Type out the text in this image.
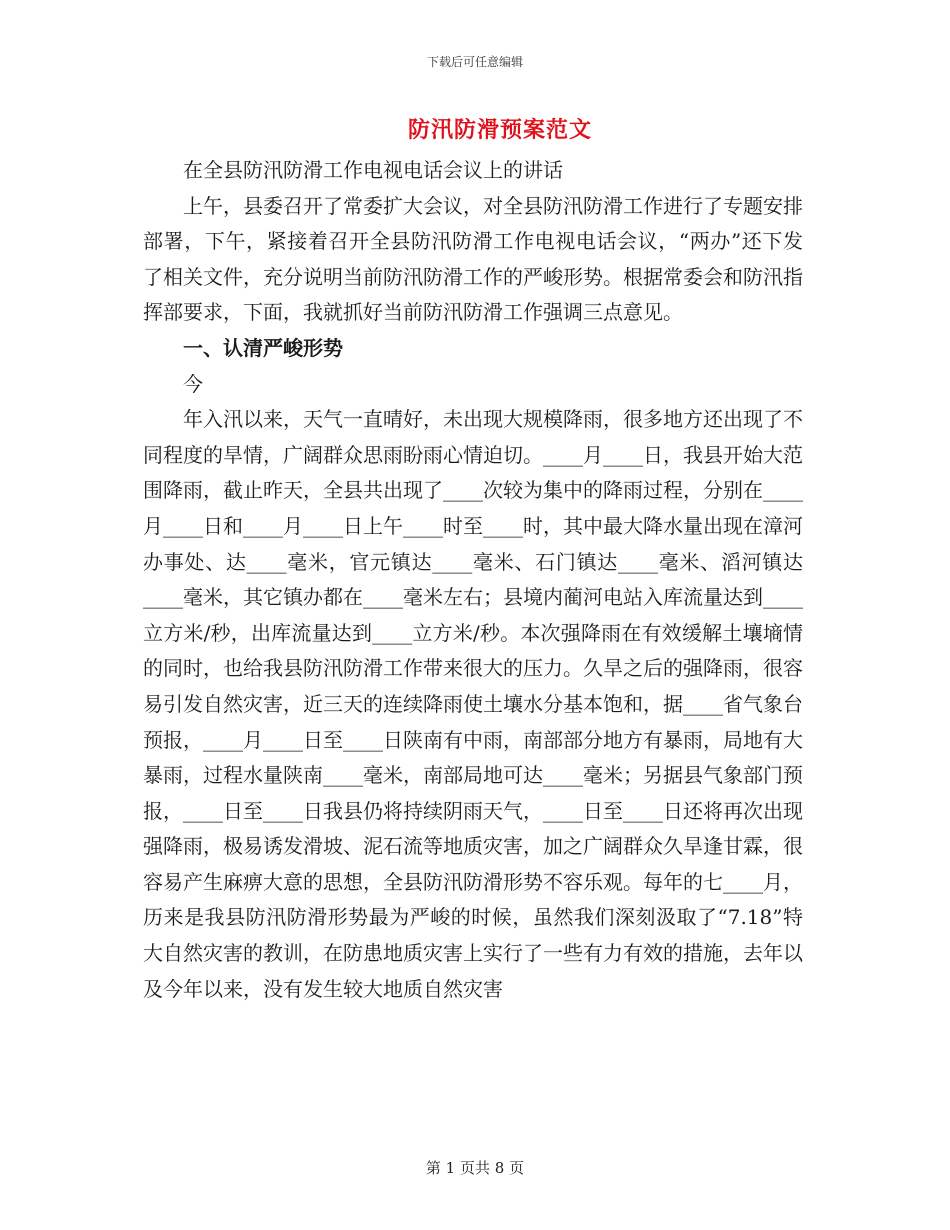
下载后可任意编辑
防汛防滑预案范文

在全县防汛防滑工作电视电话会议上的讲话

上午，县委召开了常委扩大会议，对全县防汛防滑工作进行了专题安排部署，下午，紧接着召开全县防汛防滑工作电视电话会议，“两办”还下发了相关文件，充分说明当前防汛防滑工作的严峻形势。根据常委会和防汛指挥部要求，下面，我就抓好当前防汛防滑工作强调三点意见。

一、认清严峻形势

今

年入汛以来，天气一直晴好，未出现大规模降雨，很多地方还出现了不同程度的旱情，广阔群众思雨盼雨心情迫切。____月____日，我县开始大范围降雨，截止昨天，全县共出现了____次较为集中的降雨过程，分别在____月____日和____月____日上午____时至____时，其中最大降水量出现在漳河办事处、达____毫米，官元镇达____毫米、石门镇达____毫米、滔河镇达____毫米，其它镇办都在____毫米左右；县境内蔺河电站入库流量达到____立方米/秒，出库流量达到____立方米/秒。本次强降雨在有效缓解土壤墒情的同时，也给我县防汛防滑工作带来很大的压力。久旱之后的强降雨，很容易引发自然灾害，近三天的连续降雨使土壤水分基本饱和，据____省气象台预报，____月____日至____日陕南有中雨，南部部分地方有暴雨，局地有大暴雨，过程水量陕南____毫米，南部局地可达____毫米；另据县气象部门预报，____日至____日我县仍将持续阴雨天气，____日至____日还将再次出现强降雨，极易诱发滑坡、泥石流等地质灾害，加之广阔群众久旱逢甘霖，很容易产生麻痹大意的思想，全县防汛防滑形势不容乐观。每年的七____月，历来是我县防汛防滑形势最为严峻的时候，虽然我们深刻汲取了“7.18”特大自然灾害的教训，在防患地质灾害上实行了一些有力有效的措施，去年以及今年以来，没有发生较大地质自然灾害

第 1 页共 8 页
